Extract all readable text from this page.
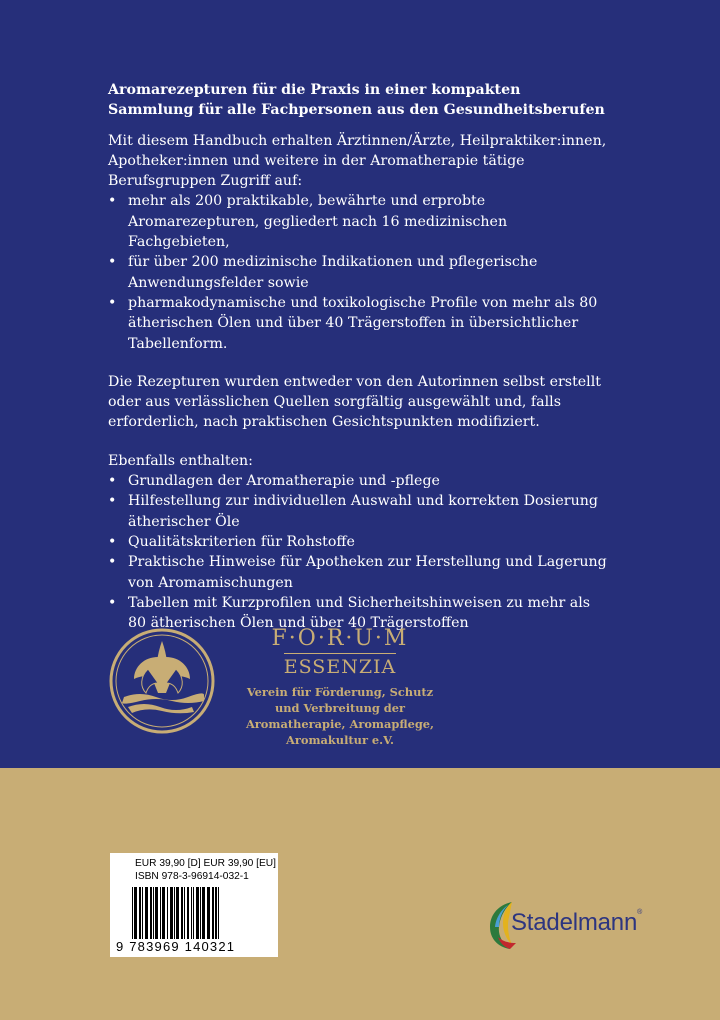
Aromarezepturen für die Praxis in einer kompakten Sammlung für alle Fachpersonen aus den Gesundheitsberufen

Mit diesem Handbuch erhalten Ärztinnen/Ärzte, Heilpraktiker:innen, Apotheker:innen und weitere in der Aromatherapie tätige Berufsgruppen Zugriff auf:

• mehr als 200 praktikable, bewährte und erprobte Aromarezepturen, gegliedert nach 16 medizinischen Fachgebieten,
• für über 200 medizinische Indikationen und pflegerische Anwendungsfelder sowie
• pharmakodynamische und toxikologische Profile von mehr als 80 ätherischen Ölen und über 40 Trägerstoffen in übersichtlicher Tabellenform.

Die Rezepturen wurden entweder von den Autorinnen selbst erstellt oder aus verlässlichen Quellen sorgfältig ausgewählt und, falls erforderlich, nach praktischen Gesichtspunkten modifiziert.

Ebenfalls enthalten:

• Grundlagen der Aromatherapie und -pflege
• Hilfestellung zur individuellen Auswahl und korrekten Dosierung ätherischer Öle
• Qualitätskriterien für Rohstoffe
• Praktische Hinweise für Apotheken zur Herstellung und Lagerung von Aromamischungen
• Tabellen mit Kurzprofilen und Sicherheitshinweisen zu mehr als 80 ätherischen Ölen und über 40 Trägerstoffen
F·O·R·U·M
ESSENZIA
Verein für Förderung, Schutz und Verbreitung der Aromatherapie, Aromapflege, Aromakultur e.V.
EUR 39,90 [D] EUR 39,90 [EU]
ISBN 978-3-96914-032-1
9 783969 140321
Stadelmann®
